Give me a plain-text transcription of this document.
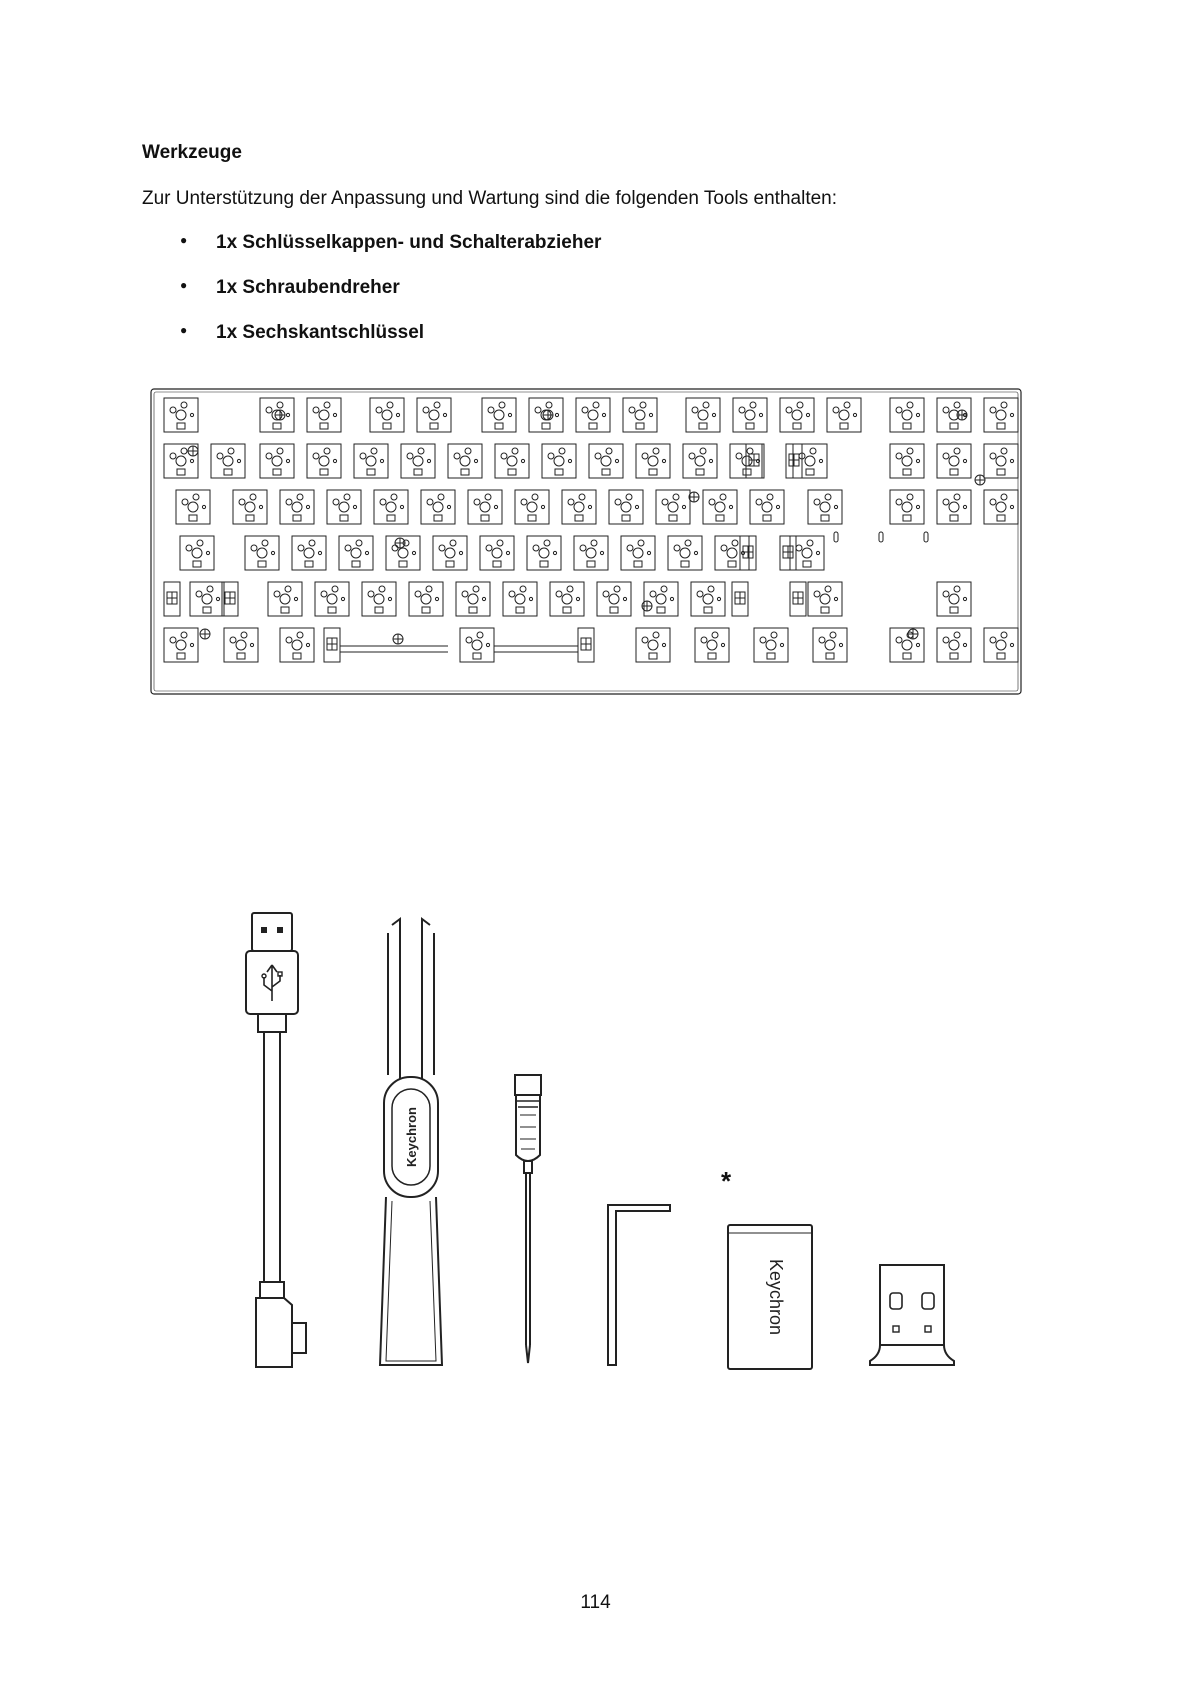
Werkzeuge

Zur Unterstützung der Anpassung und Wartung sind die folgenden Tools enthalten:

● 1x Schlüsselkappen- und Schalterabzieher
● 1x Schraubendreher
● 1x Sechskantschlüssel
Keychron
Keychron
*
114
